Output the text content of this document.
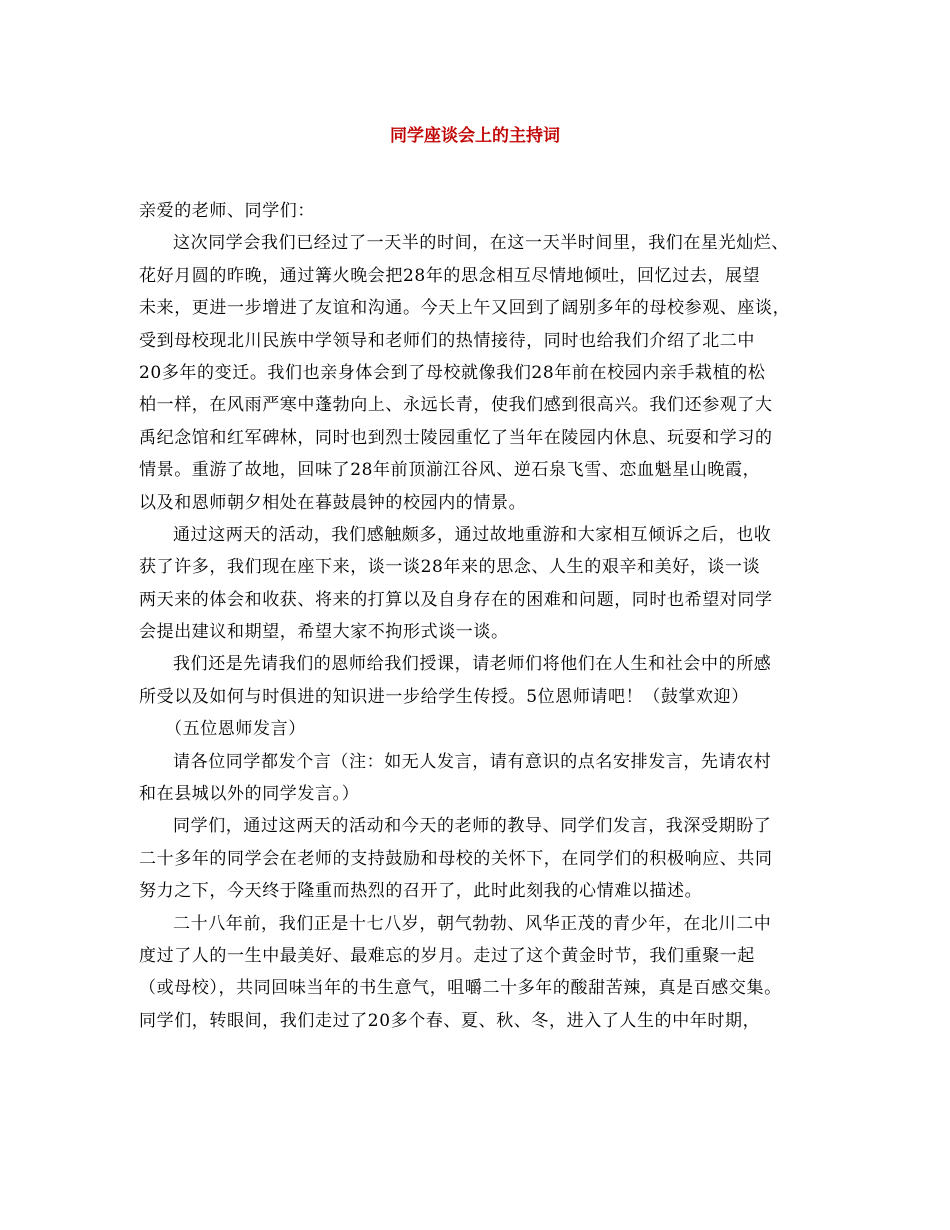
同学座谈会上的主持词
亲爱的老师、同学们：
这次同学会我们已经过了一天半的时间，在这一天半时间里，我们在星光灿烂、
花好月圆的昨晚，通过篝火晚会把28年的思念相互尽情地倾吐，回忆过去，展望
未来，更进一步增进了友谊和沟通。今天上午又回到了阔别多年的母校参观、座谈，
受到母校现北川民族中学领导和老师们的热情接待，同时也给我们介绍了北二中
20多年的变迁。我们也亲身体会到了母校就像我们28年前在校园内亲手栽植的松
柏一样，在风雨严寒中蓬勃向上、永远长青，使我们感到很高兴。我们还参观了大
禹纪念馆和红军碑林，同时也到烈士陵园重忆了当年在陵园内休息、玩耍和学习的
情景。重游了故地，回味了28年前顶湔江谷风、逆石泉飞雪、恋血魁星山晚霞，
以及和恩师朝夕相处在暮鼓晨钟的校园内的情景。
通过这两天的活动，我们感触颇多，通过故地重游和大家相互倾诉之后，也收
获了许多，我们现在座下来，谈一谈28年来的思念、人生的艰辛和美好，谈一谈
两天来的体会和收获、将来的打算以及自身存在的困难和问题，同时也希望对同学
会提出建议和期望，希望大家不拘形式谈一谈。
我们还是先请我们的恩师给我们授课，请老师们将他们在人生和社会中的所感
所受以及如何与时俱进的知识进一步给学生传授。5位恩师请吧！（鼓掌欢迎）
（五位恩师发言）
请各位同学都发个言（注：如无人发言，请有意识的点名安排发言，先请农村
和在县城以外的同学发言。）
同学们，通过这两天的活动和今天的老师的教导、同学们发言，我深受期盼了
二十多年的同学会在老师的支持鼓励和母校的关怀下，在同学们的积极响应、共同
努力之下，今天终于隆重而热烈的召开了，此时此刻我的心情难以描述。
二十八年前，我们正是十七八岁，朝气勃勃、风华正茂的青少年，在北川二中
度过了人的一生中最美好、最难忘的岁月。走过了这个黄金时节，我们重聚一起
（或母校），共同回味当年的书生意气，咀嚼二十多年的酸甜苦辣，真是百感交集。
同学们，转眼间，我们走过了20多个春、夏、秋、冬，进入了人生的中年时期，
